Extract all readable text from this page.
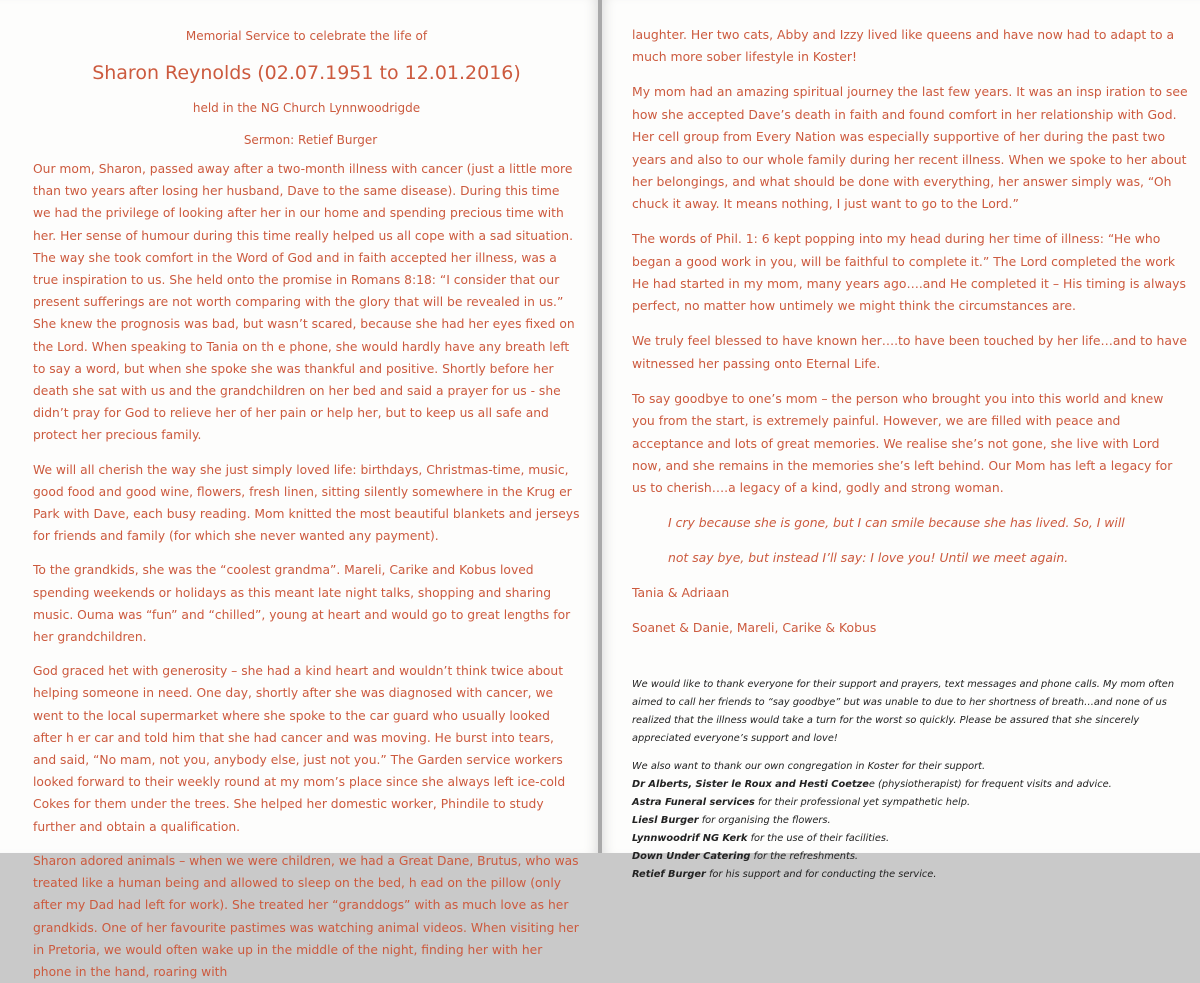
Memorial Service to celebrate the life of

Sharon Reynolds (02.07.1951 to 12.01.2016)

held in the NG Church Lynnwoodrigde

Sermon: Retief Burger

Our mom, Sharon, passed away after a two-month illness with cancer (just a little more than two years after losing her husband, Dave to the same disease). During this time we had the privilege of looking after her in our home and spending precious time with her. Her sense of humour during this time really helped us all cope with a sad situation. The way she took comfort in the Word of God and in faith accepted her illness, was a true inspiration to us. She held onto the promise in Romans 8:18: “I consider that our present sufferings are not worth comparing with the glory that will be revealed in us.” She knew the prognosis was bad, but wasn’t scared, because she had her eyes fixed on the Lord. When speaking to Tania on th e phone, she would hardly have any breath left to say a word, but when she spoke she was thankful and positive. Shortly before her death she sat with us and the grandchildren on her bed and said a prayer for us - she didn’t pray for God to relieve her of her pain or help her, but to keep us all safe and protect her precious family.

We will all cherish the way she just simply loved life: birthdays, Christmas-time, music, good food and good wine, flowers, fresh linen, sitting silently somewhere in the Krug er Park with Dave, each busy reading. Mom knitted the most beautiful blankets and jerseys for friends and family (for which she never wanted any payment).

To the grandkids, she was the “coolest grandma”. Mareli, Carike and Kobus loved spending weekends or holidays as this meant late night talks, shopping and sharing music. Ouma was “fun” and “chilled”, young at heart and would go to great lengths for her grandchildren.

God graced het with generosity – she had a kind heart and wouldn’t think twice about helping someone in need. One day, shortly after she was diagnosed with cancer, we went to the local supermarket where she spoke to the car guard who usually looked after h er car and told him that she had cancer and was moving. He burst into tears, and said, “No mam, not you, anybody else, just not you.” The Garden service workers looked forward to their weekly round at my mom’s place since she always left ice-cold Cokes for them under the trees. She helped her domestic worker, Phindile to study further and obtain a qualification.

Sharon adored animals – when we were children, we had a Great Dane, Brutus, who was treated like a human being and allowed to sleep on the bed, h ead on the pillow (only after my Dad had left for work). She treated her “granddogs” with as much love as her grandkids. One of her favourite pastimes was watching animal videos. When visiting her in Pretoria, we would often wake up in the middle of the night, finding her with her phone in the hand, roaring with

laughter. Her two cats, Abby and Izzy lived like queens and have now had to adapt to a much more sober lifestyle in Koster!

My mom had an amazing spiritual journey the last few years. It was an insp iration to see how she accepted Dave’s death in faith and found comfort in her relationship with God. Her cell group from Every Nation was especially supportive of her during the past two years and also to our whole family during her recent illness. When we spoke to her about her belongings, and what should be done with everything, her answer simply was, “Oh chuck it away. It means nothing, I just want to go to the Lord.”

The words of Phil. 1: 6 kept popping into my head during her time of illness: “He who began a good work in you, will be faithful to complete it.” The Lord completed the work He had started in my mom, many years ago….and He completed it – His timing is always perfect, no matter how untimely we might think the circumstances are.

We truly feel blessed to have known her….to have been touched by her life…and to have witnessed her passing onto Eternal Life.

To say goodbye to one’s mom – the person who brought you into this world and knew you from the start, is extremely painful. However, we are filled with peace and acceptance and lots of great memories. We realise she’s not gone, she live with Lord now, and she remains in the memories she’s left behind. Our Mom has left a legacy for us to cherish….a legacy of a kind, godly and strong woman.

I cry because she is gone, but I can smile because she has lived. So, I will

not say bye, but instead I’ll say: I love you! Until we meet again.

Tania & Adriaan

Soanet & Danie, Mareli, Carike & Kobus

We would like to thank everyone for their support and prayers, text messages and phone calls. My mom often aimed to call her friends to “say goodbye” but was unable to due to her shortness of breath…and none of us realized that the illness would take a turn for the worst so quickly. Please be assured that she sincerely appreciated everyone’s support and love!

We also want to thank our own congregation in Koster for their support.

Dr Alberts, Sister le Roux and Hesti Coetzee (physiotherapist) for frequent visits and advice.

Astra Funeral services for their professional yet sympathetic help.

Liesl Burger for organising the flowers.

Lynnwoodrif NG Kerk for the use of their facilities.

Down Under Catering for the refreshments.

Retief Burger for his support and for conducting the service.
